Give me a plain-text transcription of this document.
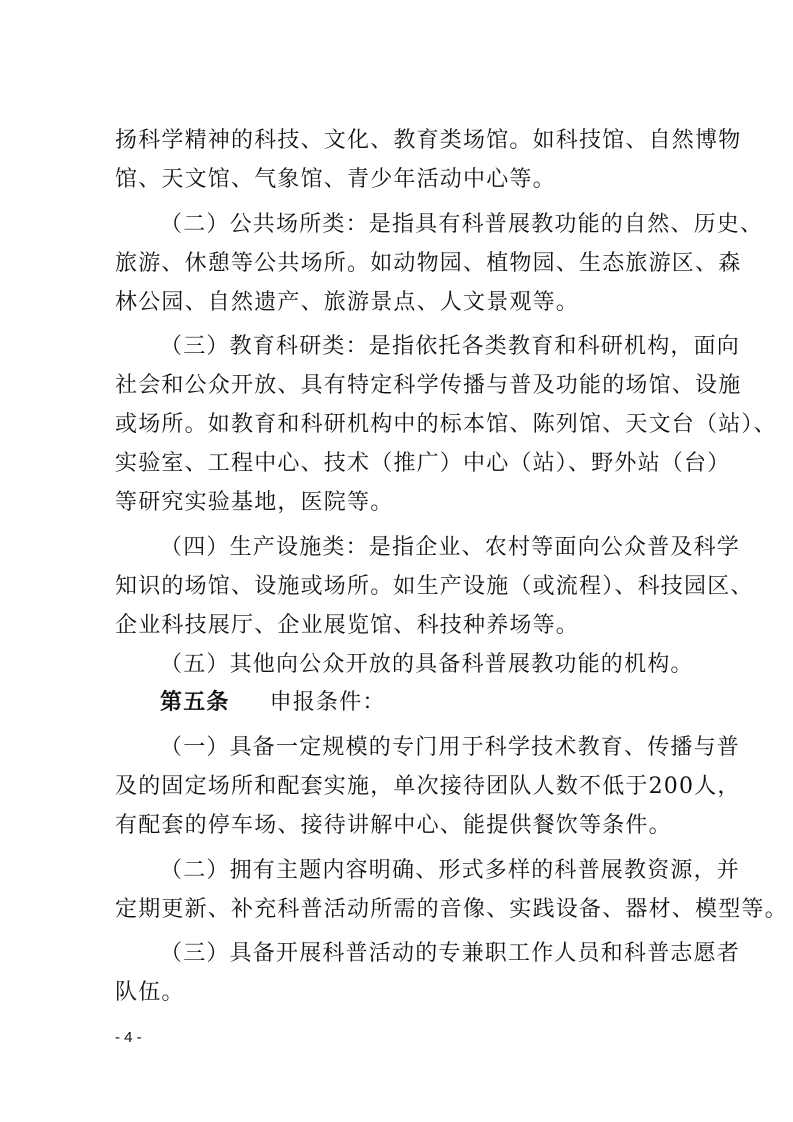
扬科学精神的科技、文化、教育类场馆。如科技馆、自然博物
馆、天文馆、气象馆、青少年活动中心等。
（二）公共场所类：是指具有科普展教功能的自然、历史、
旅游、休憩等公共场所。如动物园、植物园、生态旅游区、森
林公园、自然遗产、旅游景点、人文景观等。
（三）教育科研类：是指依托各类教育和科研机构，面向
社会和公众开放、具有特定科学传播与普及功能的场馆、设施
或场所。如教育和科研机构中的标本馆、陈列馆、天文台（站）、
实验室、工程中心、技术（推广）中心（站）、野外站（台）
等研究实验基地，医院等。
（四）生产设施类：是指企业、农村等面向公众普及科学
知识的场馆、设施或场所。如生产设施（或流程）、科技园区、
企业科技展厅、企业展览馆、科技种养场等。
（五）其他向公众开放的具备科普展教功能的机构。
第五条 申报条件：
（一）具备一定规模的专门用于科学技术教育、传播与普
及的固定场所和配套实施，单次接待团队人数不低于200人，
有配套的停车场、接待讲解中心、能提供餐饮等条件。
（二）拥有主题内容明确、形式多样的科普展教资源，并
定期更新、补充科普活动所需的音像、实践设备、器材、模型等。
（三）具备开展科普活动的专兼职工作人员和科普志愿者
队伍。
- 4 -
